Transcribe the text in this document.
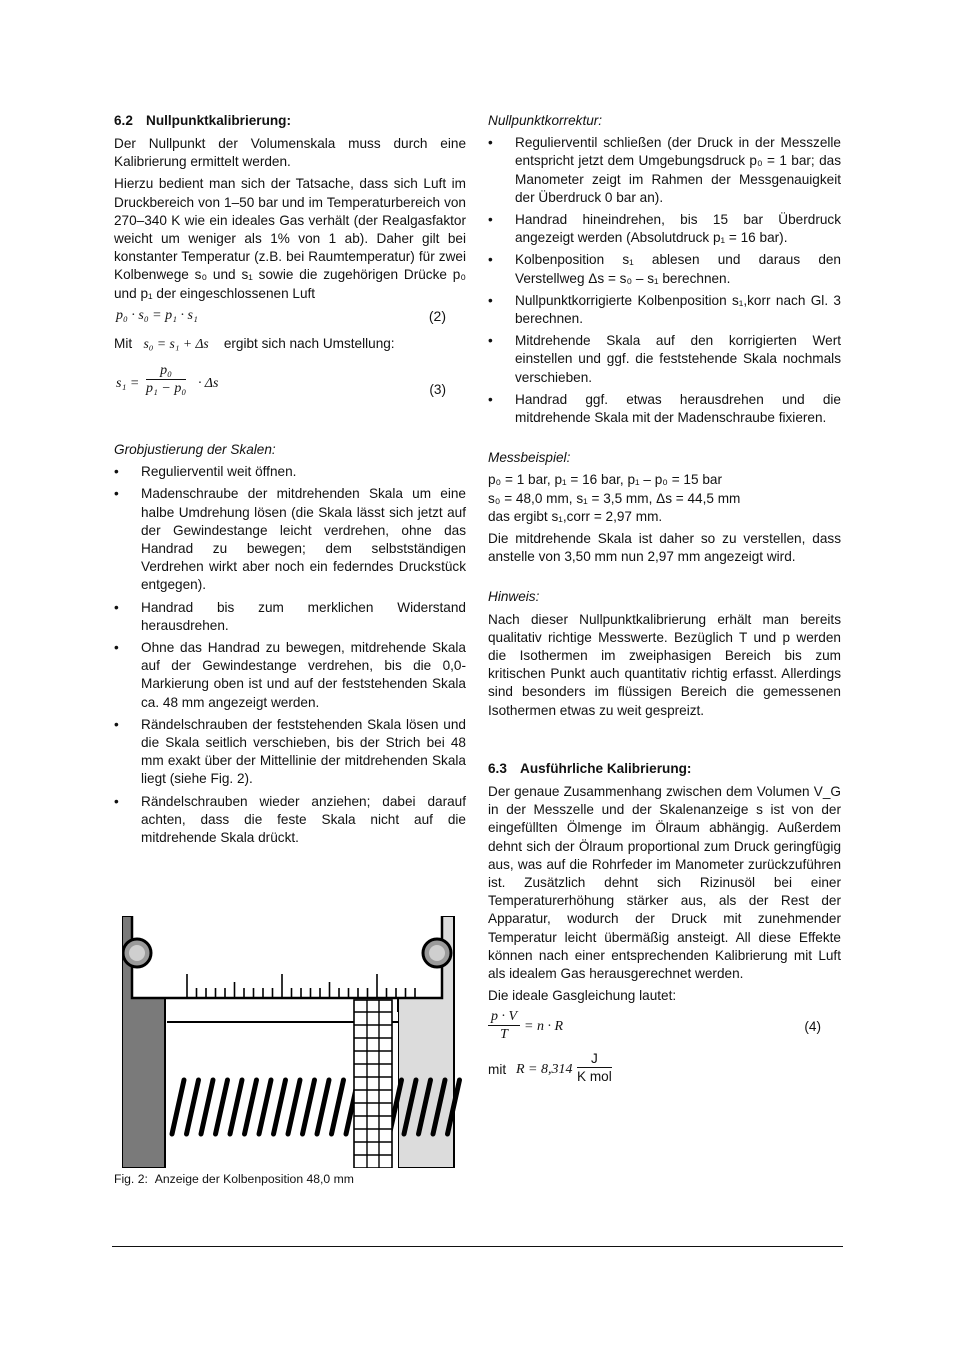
6.2 Nullpunktkalibrierung:

Der Nullpunkt der Volumenskala muss durch eine Kalibrierung ermittelt werden.

Hierzu bedient man sich der Tatsache, dass sich Luft im Druckbereich von 1–50 bar und im Temperaturbereich von 270–340 K wie ein ideales Gas verhält (der Realgasfaktor weicht um weniger als 1% von 1 ab). Daher gilt bei konstanter Temperatur (z.B. bei Raumtemperatur) für zwei Kolbenwege s₀ und s₁ sowie die zugehörigen Drücke p₀ und p₁ der eingeschlossenen Luft

p₀ · s₀ = p₁ · s₁	(2)

Mit s₀ = s₁ + Δs ergibt sich nach Umstellung:

$s_1 = \frac{\text{p₀}}{\text{p₁ − p₀}} \cdot \Delta s$	(3)

Grobjustierung der Skalen:

• Regulierventil weit öffnen.
• Madenschraube der mitdrehenden Skala um eine halbe Umdrehung lösen (die Skala lässt sich jetzt auf der Gewindestange leicht verdrehen, ohne das Handrad zu bewegen; dem selbstständigen Verdrehen wirkt aber noch ein federndes Druckstück entgegen).
• Handrad bis zum merklichen Widerstand herausdrehen.
• Ohne das Handrad zu bewegen, mitdrehende Skala auf der Gewindestange verdrehen, bis die 0,0-Markierung oben ist und auf der feststehenden Skala ca. 48 mm angezeigt werden.
• Rändelschrauben der feststehenden Skala lösen und die Skala seitlich verschieben, bis der Strich bei 48 mm exakt über der Mittellinie der mitdrehenden Skala liegt (siehe Fig. 2).
• Rändelschrauben wieder anziehen; dabei darauf achten, dass die feste Skala nicht auf die mitdrehende Skala drückt.
Fig. 2: Anzeige der Kolbenposition 48,0 mm

Nullpunktkorrektur:

• Regulierventil schließen (der Druck in der Messzelle entspricht jetzt dem Umgebungsdruck p₀ = 1 bar; das Manometer zeigt im Rahmen der Messgenauigkeit der Überdruck 0 bar an).
• Handrad hineindrehen, bis 15 bar Überdruck angezeigt werden (Absolutdruck p₁ = 16 bar).
• Kolbenposition s₁ ablesen und daraus den Verstellweg Δs = s₀ – s₁ berechnen.
• Nullpunktkorrigierte Kolbenposition s₁,korr nach Gl. 3 berechnen.
• Mitdrehende Skala auf den korrigierten Wert einstellen und ggf. die feststehende Skala nochmals verschieben.
• Handrad ggf. etwas herausdrehen und die mitdrehende Skala mit der Madenschraube fixieren.

Messbeispiel:

p₀ = 1 bar, p₁ = 16 bar, p₁ – p₀ = 15 bar
s₀ = 48,0 mm, s₁ = 3,5 mm, Δs = 44,5 mm
das ergibt s₁,corr = 2,97 mm.

Die mitdrehende Skala ist daher so zu verstellen, dass anstelle von 3,50 mm nun 2,97 mm angezeigt wird.

Hinweis:

Nach dieser Nullpunktkalibrierung erhält man bereits qualitativ richtige Messwerte. Bezüglich T und p werden die Isothermen im zweiphasigen Bereich bis zum kritischen Punkt auch quantitativ richtig erfasst. Allerdings sind besonders im flüssigen Bereich die gemessenen Isothermen etwas zu weit gespreizt.

6.3 Ausführliche Kalibrierung:

Der genaue Zusammenhang zwischen dem Volumen V_G in der Messzelle und der Skalenanzeige s ist von der eingefüllten Ölmenge im Ölraum abhängig. Außerdem dehnt sich der Ölraum proportional zum Druck geringfügig aus, was auf die Rohrfeder im Manometer zurückzuführen ist. Zusätzlich dehnt sich Rizinusöl bei einer Temperaturerhöhung stärker aus, als der Rest der Apparatur, wodurch der Druck mit zunehmender Temperatur leicht übermäßig ansteigt. All diese Effekte können nach einer entsprechenden Kalibrierung mit Luft als idealem Gas herausgerechnet werden.

Die ideale Gasgleichung lautet:

$\frac{p \cdot V}{T} = n \cdot R$	(4)
mit R = 8,314
J
K mol
